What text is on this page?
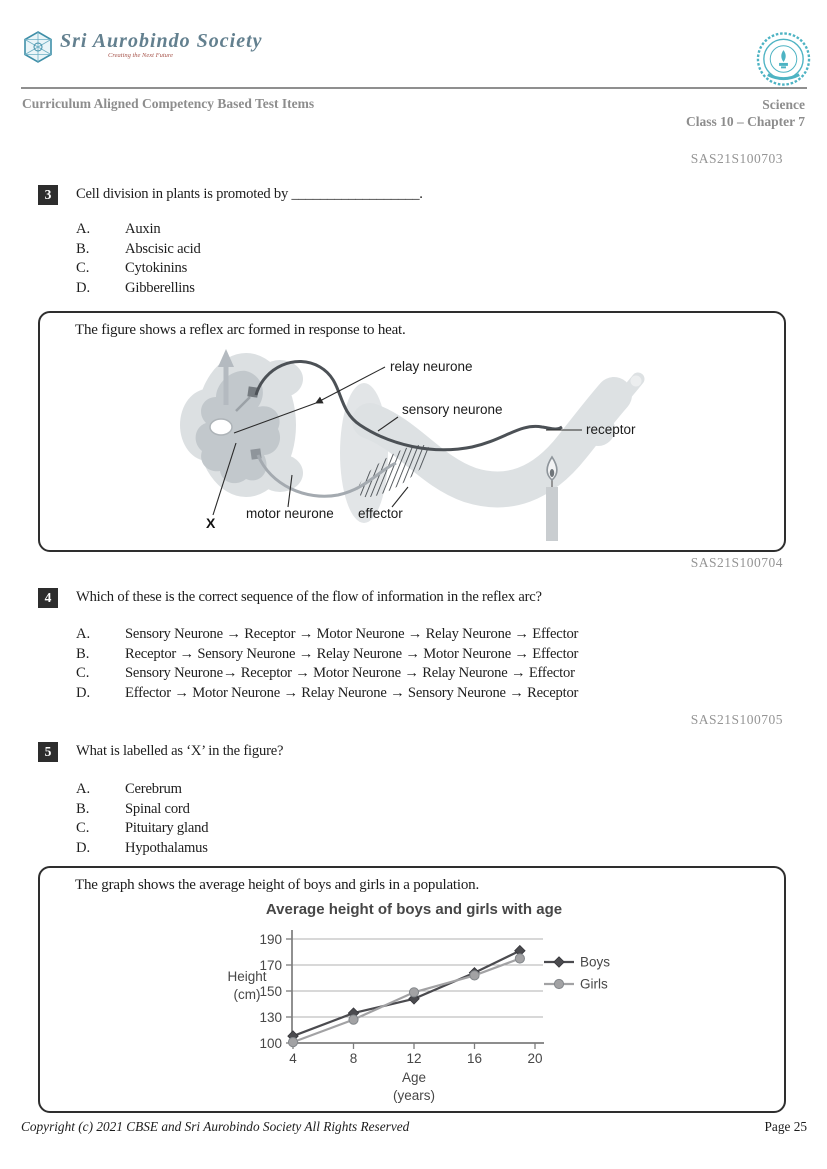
Sri Aurobindo Society
Creating the Next Future
Curriculum Aligned Competency Based Test Items	Science
Class 10 – Chapter 7
SAS21S100703
3	Cell division in plants is promoted by __________________.
A.	Auxin
B.	Abscisic acid
C.	Cytokinins
D.	Gibberellins
The figure shows a reflex arc formed in response to heat.
relay neurone
sensory neurone
receptor
motor neurone effector
X
SAS21S100704
4	Which of these is the correct sequence of the flow of information in the reflex arc?
A.	Sensory Neurone → Receptor → Motor Neurone → Relay Neurone → Effector
B.	Receptor → Sensory Neurone → Relay Neurone → Motor Neurone → Effector
C.	Sensory Neurone→ Receptor → Motor Neurone → Relay Neurone → Effector
D.	Effector → Motor Neurone → Relay Neurone → Sensory Neurone → Receptor
SAS21S100705
5	What is labelled as ‘X’ in the figure?
A.	Cerebrum
B.	Spinal cord
C.	Pituitary gland
D.	Hypothalamus
The graph shows the average height of boys and girls in a population.
100
130
150
170
190
4	8	12	16	20
Height
(cm)
Age
(years)
Average height of boys and girls with age
Boys
Girls
Copyright (c) 2021 CBSE and Sri Aurobindo Society All Rights Reserved	Page 25
